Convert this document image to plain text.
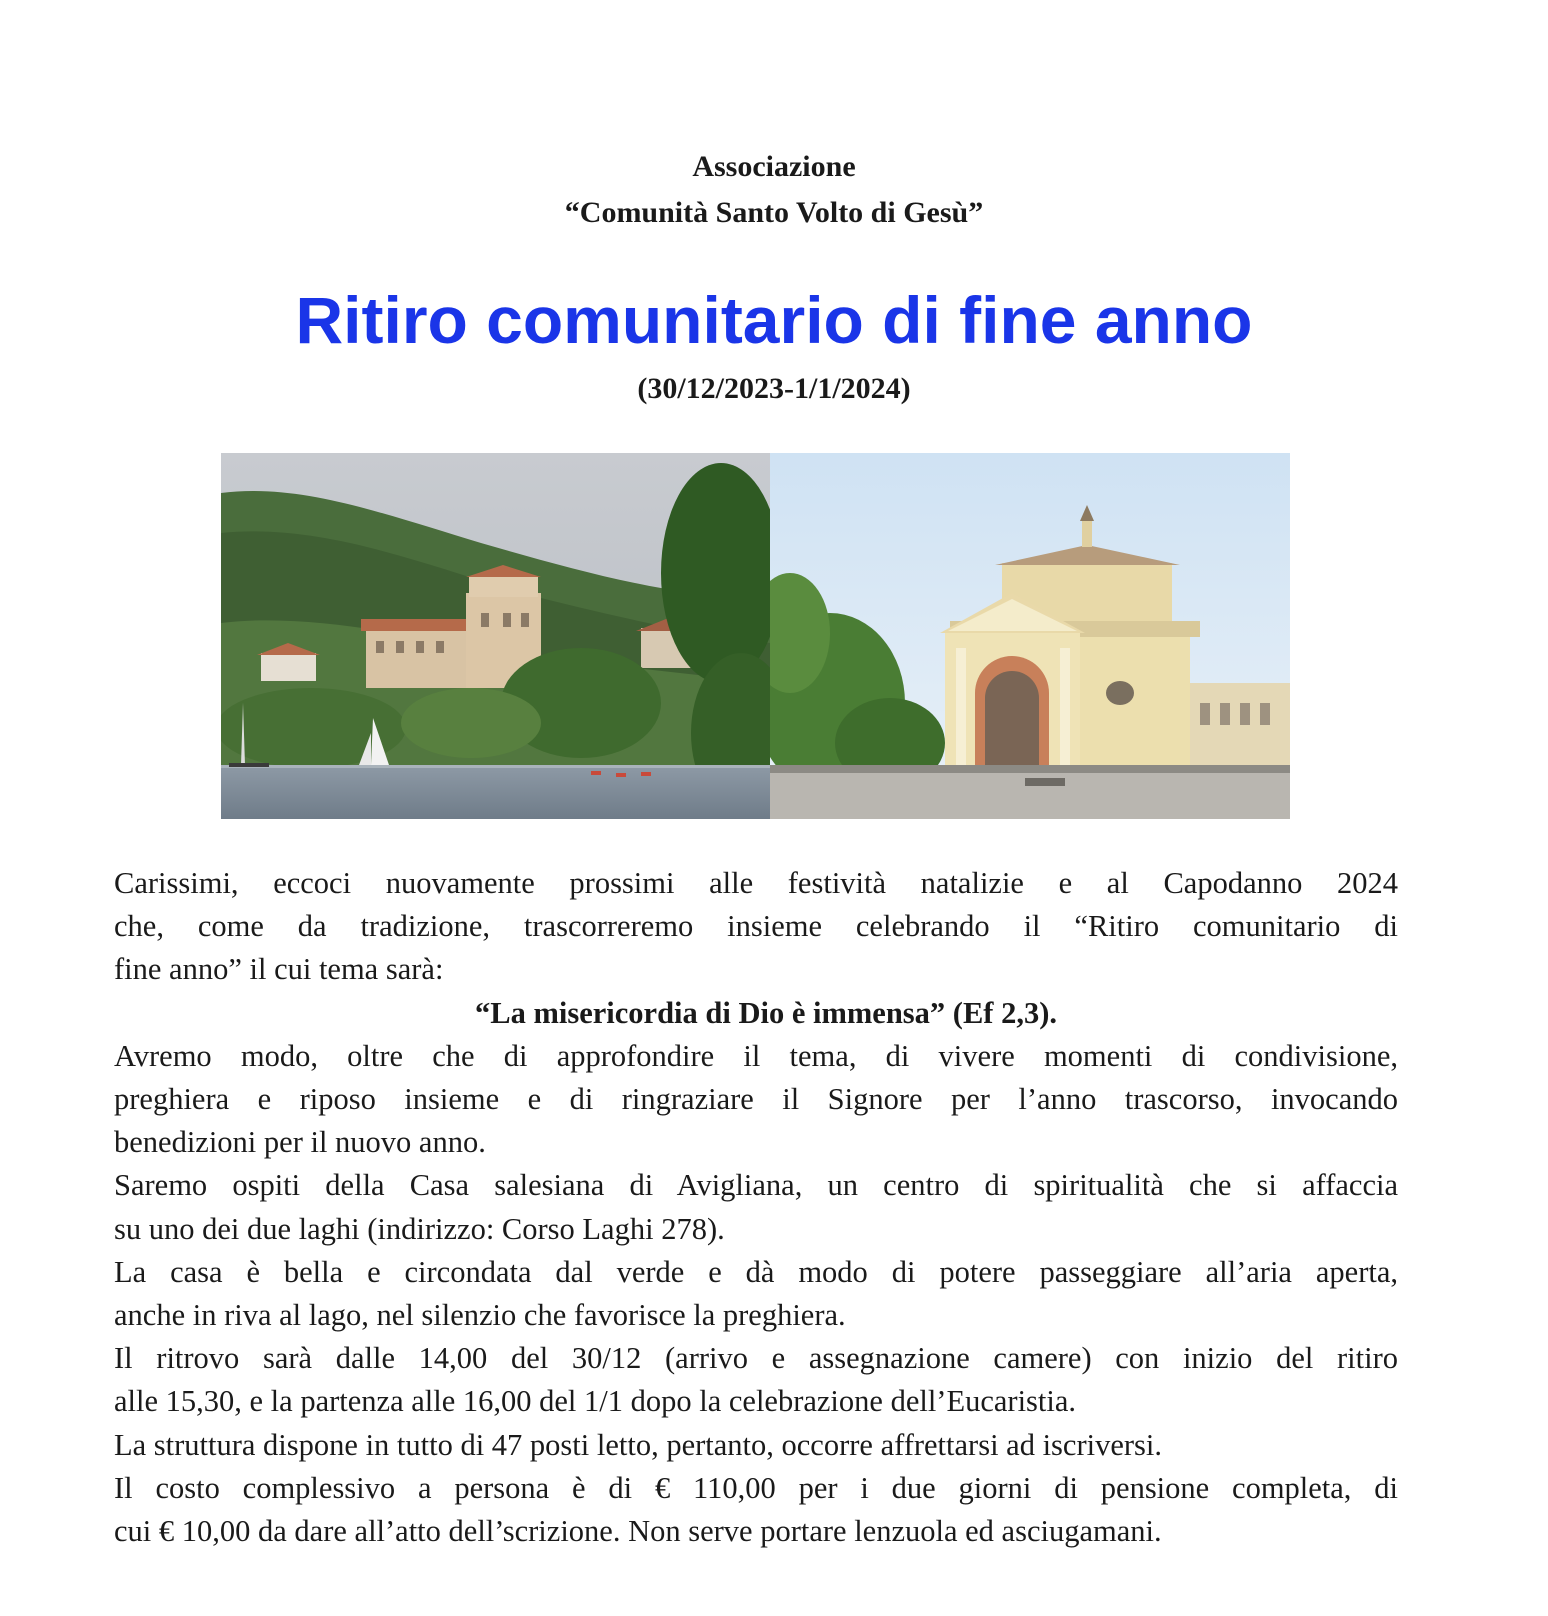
Associazione
“Comunità Santo Volto di Gesù”
Ritiro comunitario di fine anno
(30/12/2023-1/1/2024)

Carissimi, eccoci nuovamente prossimi alle festività natalizie e al Capodanno 2024
che, come da tradizione, trascorreremo insieme celebrando il “Ritiro comunitario di
fine anno” il cui tema sarà:

“La misericordia di Dio è immensa” (Ef 2,3).

Avremo modo, oltre che di approfondire il tema, di vivere momenti di condivisione,
preghiera e riposo insieme e di ringraziare il Signore per l’anno trascorso, invocando
benedizioni per il nuovo anno.

Saremo ospiti della Casa salesiana di Avigliana, un centro di spiritualità che si affaccia
su uno dei due laghi (indirizzo: Corso Laghi 278).

La casa è bella e circondata dal verde e dà modo di potere passeggiare all’aria aperta,
anche in riva al lago, nel silenzio che favorisce la preghiera.

Il ritrovo sarà dalle 14,00 del 30/12 (arrivo e assegnazione camere) con inizio del ritiro
alle 15,30, e la partenza alle 16,00 del 1/1 dopo la celebrazione dell’Eucaristia.

La struttura dispone in tutto di 47 posti letto, pertanto, occorre affrettarsi ad iscriversi.

Il costo complessivo a persona è di € 110,00 per i due giorni di pensione completa, di
cui € 10,00 da dare all’atto dell’scrizione. Non serve portare lenzuola ed asciugamani.
